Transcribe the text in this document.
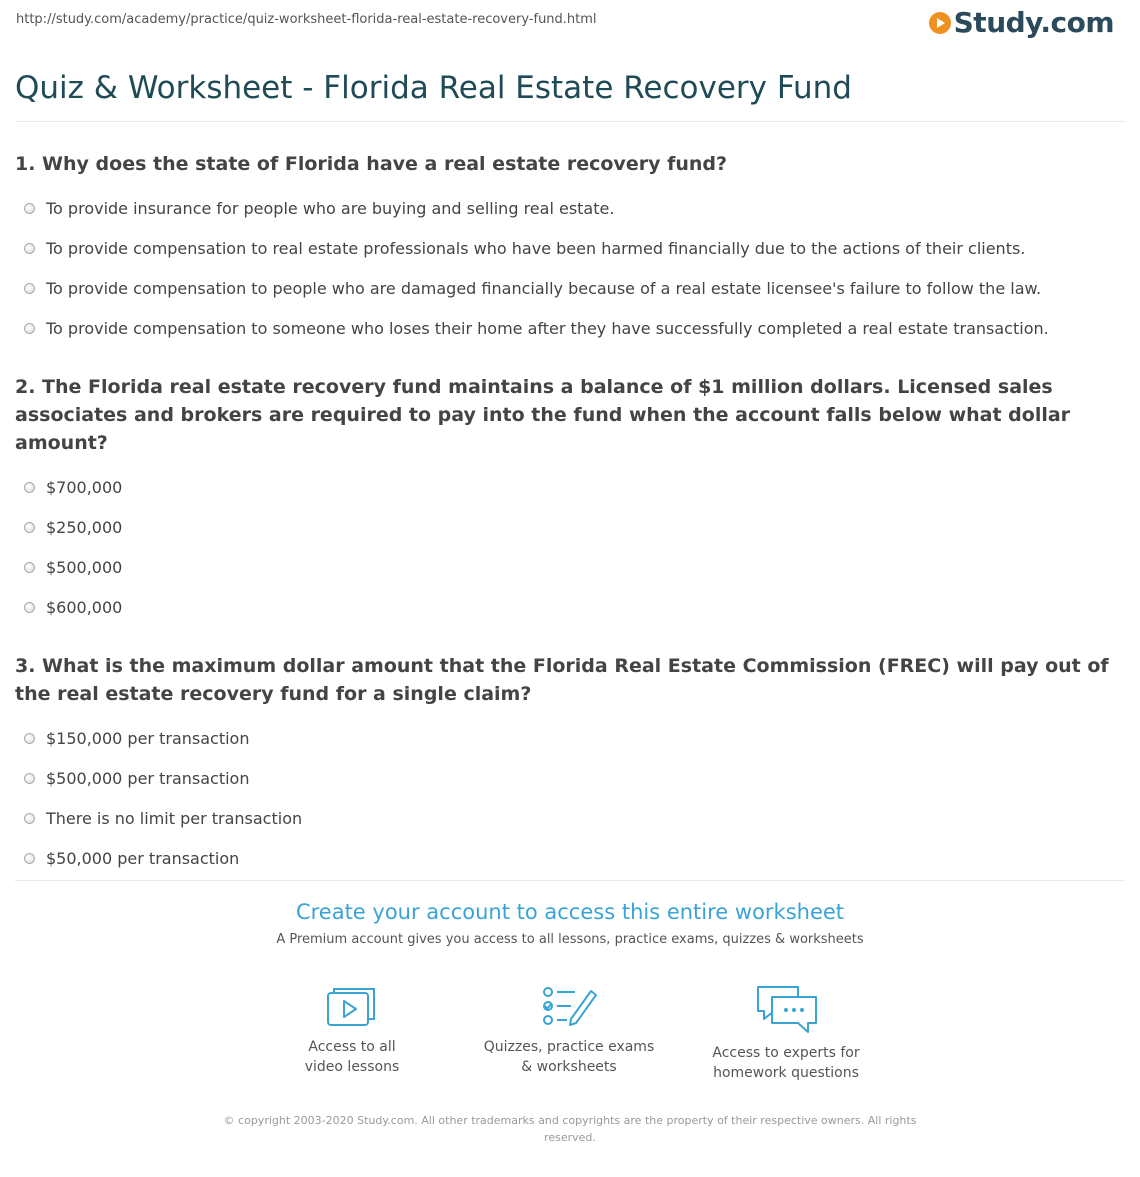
http://study.com/academy/practice/quiz-worksheet-florida-real-estate-recovery-fund.html	Study.com
Quiz & Worksheet - Florida Real Estate Recovery Fund

1. Why does the state of Florida have a real estate recovery fund?

To provide insurance for people who are buying and selling real estate.
To provide compensation to real estate professionals who have been harmed financially due to the actions of their clients.
To provide compensation to people who are damaged financially because of a real estate licensee's failure to follow the law.
To provide compensation to someone who loses their home after they have successfully completed a real estate transaction.

2. The Florida real estate recovery fund maintains a balance of $1 million dollars. Licensed sales associates and brokers are required to pay into the fund when the account falls below what dollar amount?

$700,000
$250,000
$500,000
$600,000

3. What is the maximum dollar amount that the Florida Real Estate Commission (FREC) will pay out of the real estate recovery fund for a single claim?

$150,000 per transaction
$500,000 per transaction
There is no limit per transaction
$50,000 per transaction

Create your account to access this entire worksheet

A Premium account gives you access to all lessons, practice exams, quizzes & worksheets
Access to all
video lessons
Quizzes, practice exams
& worksheets
Access to experts for
homework questions
© copyright 2003-2020 Study.com. All other trademarks and copyrights are the property of their respective owners. All rights reserved.
